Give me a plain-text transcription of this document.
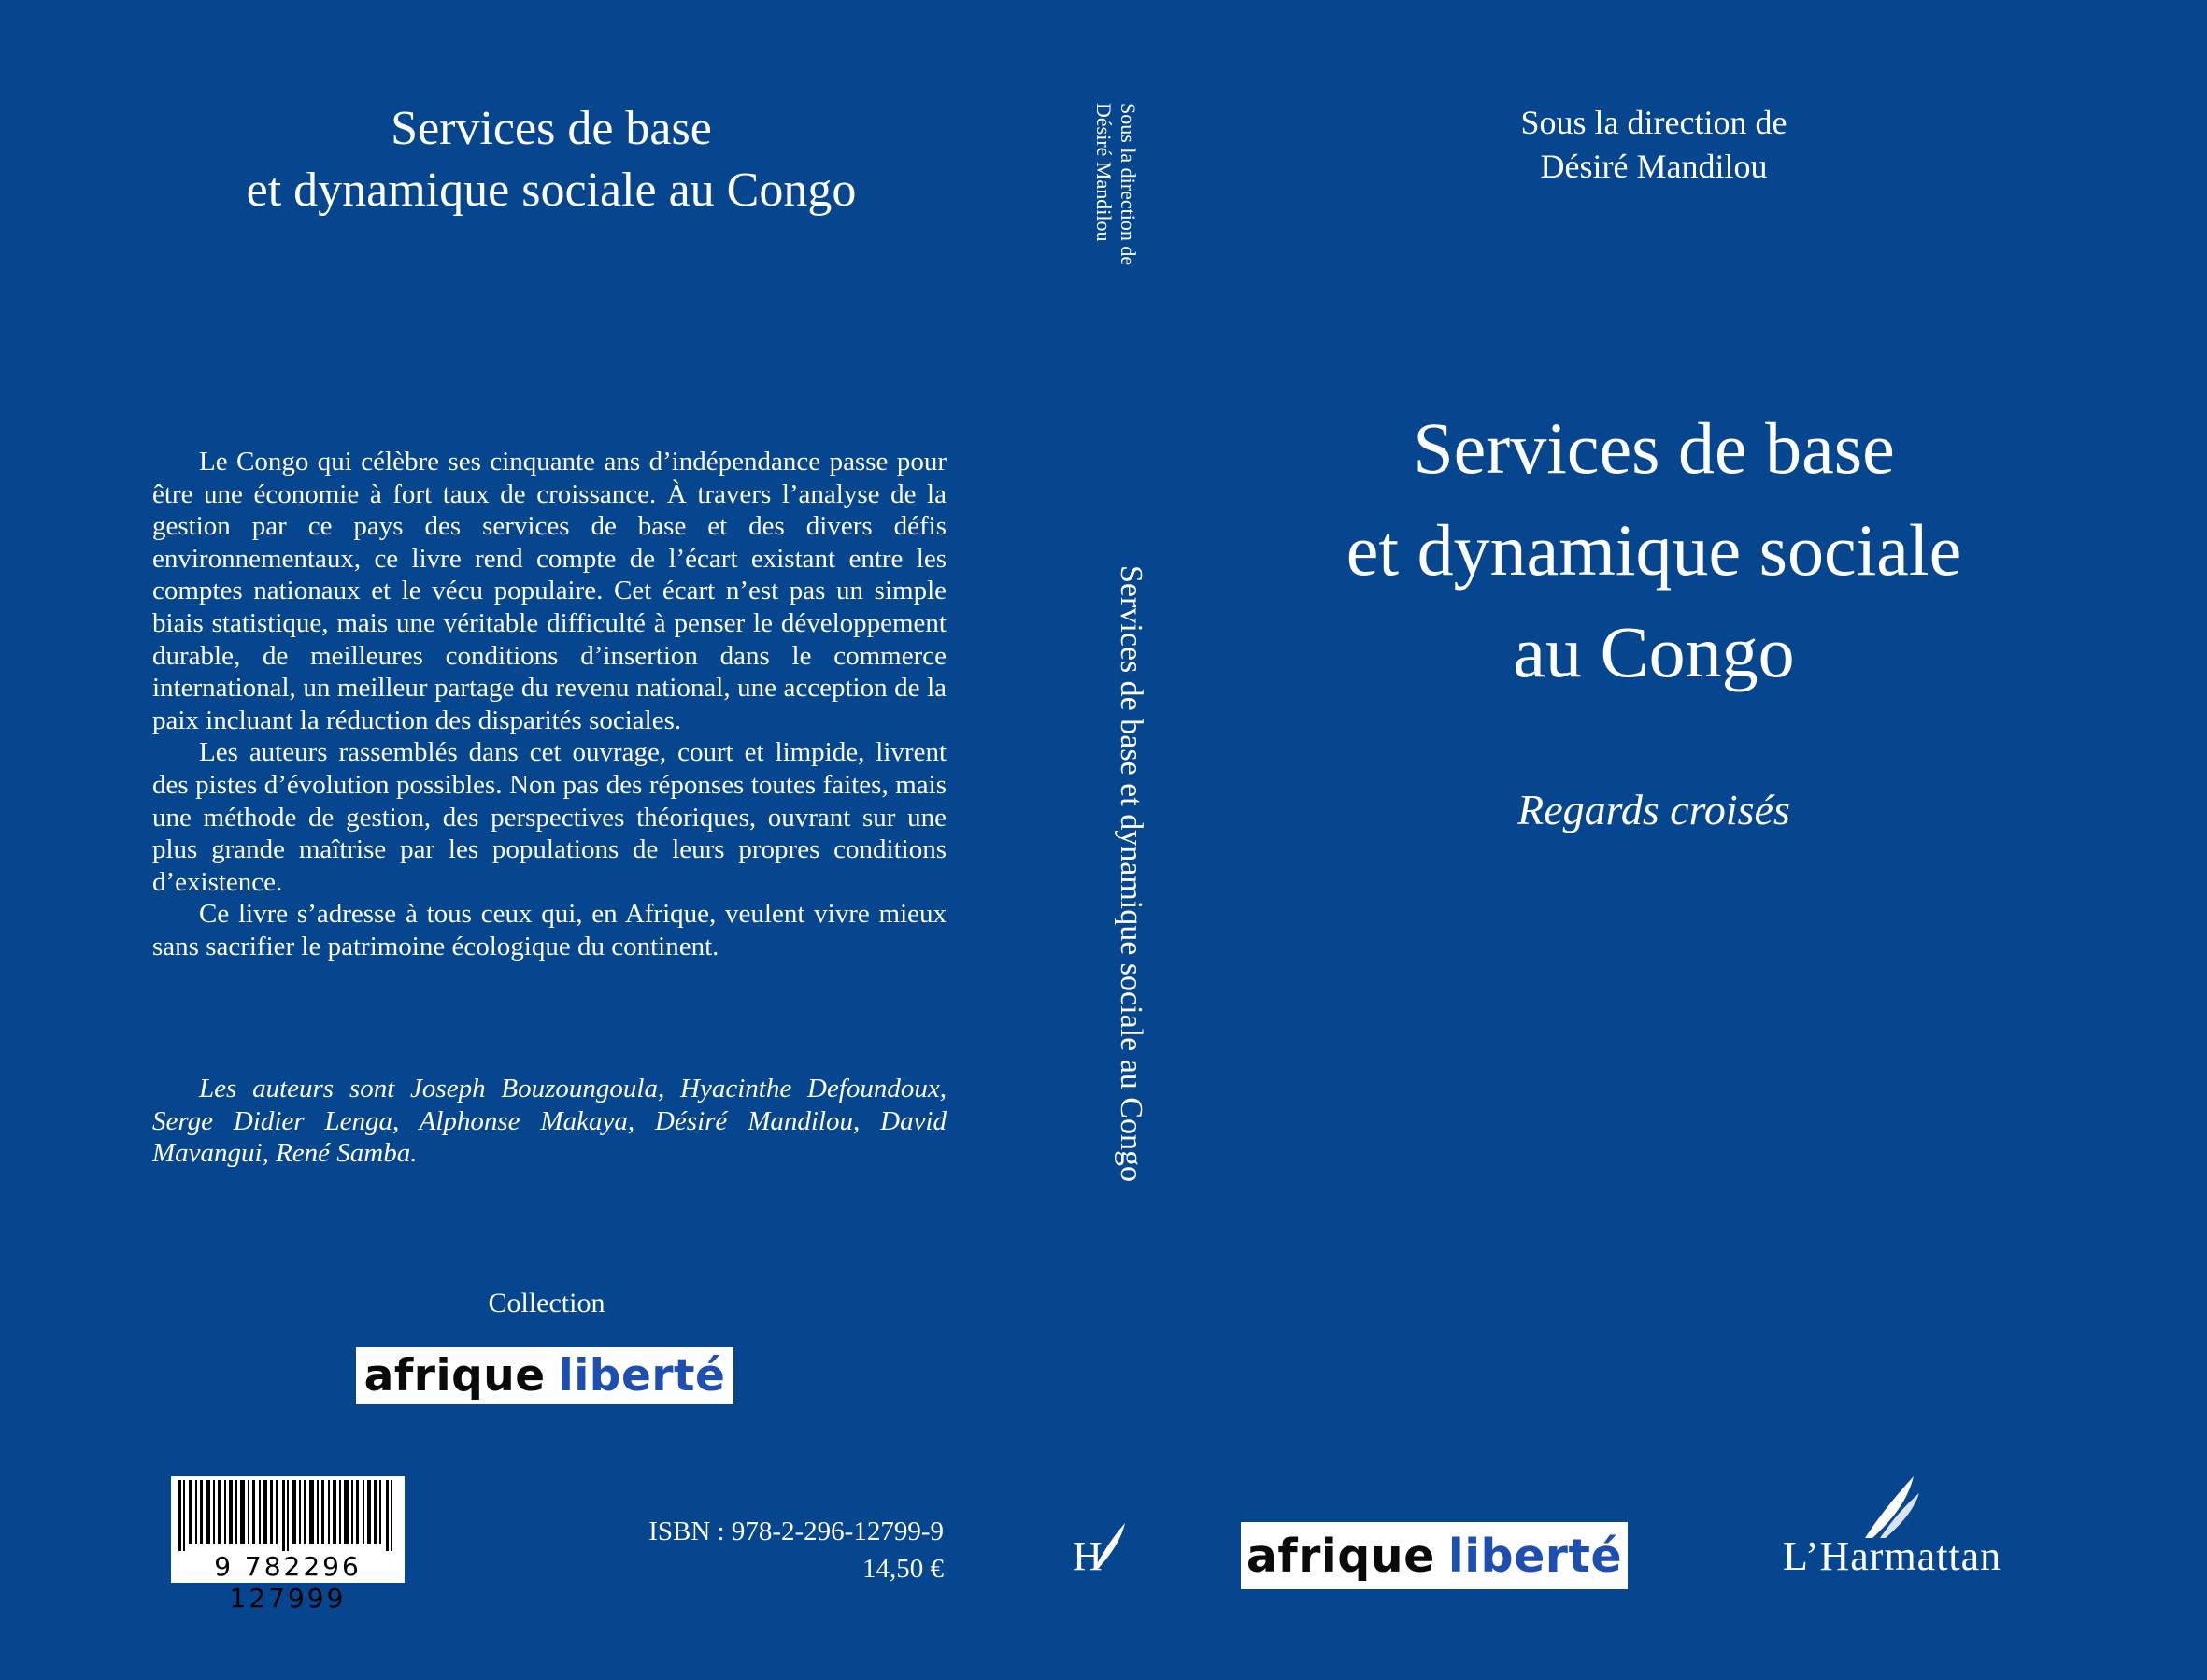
Services de base
et dynamique sociale au Congo

Le Congo qui célèbre ses cinquante ans d’indépendance passe pour être une économie à fort taux de croissance. À travers l’analyse de la gestion par ce pays des services de base et des divers défis environnementaux, ce livre rend compte de l’écart existant entre les comptes nationaux et le vécu populaire. Cet écart n’est pas un simple biais statistique, mais une véritable difficulté à penser le développement durable, de meilleures conditions d’insertion dans le commerce international, un meilleur partage du revenu national, une acception de la paix incluant la réduction des disparités sociales.

Les auteurs rassemblés dans cet ouvrage, court et limpide, livrent des pistes d’évolution possibles. Non pas des réponses toutes faites, mais une méthode de gestion, des perspectives théoriques, ouvrant sur une plus grande maîtrise par les populations de leurs propres conditions d’existence.

Ce livre s’adresse à tous ceux qui, en Afrique, veulent vivre mieux sans sacrifier le patrimoine écologique du continent.

Les auteurs sont Joseph Bouzoungoula, Hyacinthe Defoundoux, Serge Didier Lenga, Alphonse Makaya, Désiré Mandilou, David Mavangui, René Samba.

Collection
afrique liberté
9 782296 127999
ISBN : 978-2-296-12799-9
14,50 €
Sous la direction de
Désiré Mandilou
Services de base et dynamique sociale au Congo
H
Sous la direction de
Désiré Mandilou
Services de base
et dynamique sociale
au Congo
Regards croisés
afrique liberté	L’Harmattan
